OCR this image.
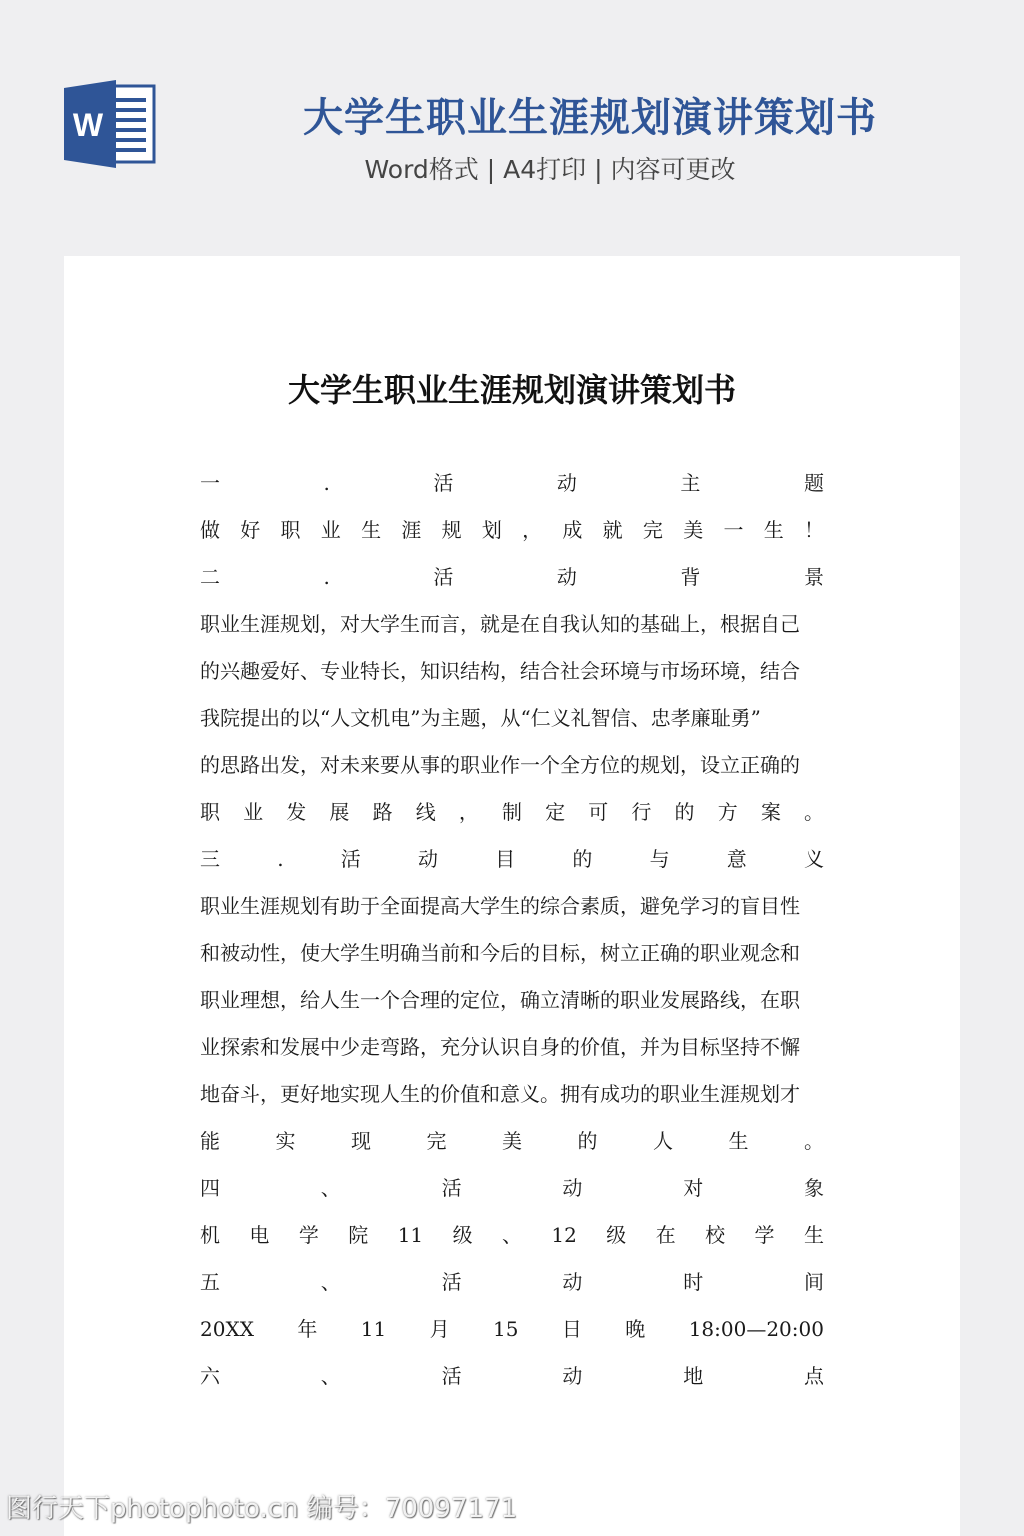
W	大学生职业生涯规划演讲策划书
Word格式 | A4打印 | 内容可更改
大学生职业生涯规划演讲策划书
一	.	活	动	主	题
做 好 职 业 生 涯 规 划 ， 成 就 完 美 一 生 ！
二	.	活	动	背	景
职业生涯规划，对大学生而言，就是在自我认知的基础上，根据自己
的兴趣爱好、专业特长，知识结构，结合社会环境与市场环境，结合
我院提出的以“人文机电”为主题，从“仁义礼智信、忠孝廉耻勇”
的思路出发，对未来要从事的职业作一个全方位的规划，设立正确的
职 业 发 展 路 线 ， 制 定 可 行 的 方 案 。
三	.	活	动	目	的	与	意	义
职业生涯规划有助于全面提高大学生的综合素质，避免学习的盲目性
和被动性，使大学生明确当前和今后的目标，树立正确的职业观念和
职业理想，给人生一个合理的定位，确立清晰的职业发展路线，在职
业探索和发展中少走弯路，充分认识自身的价值，并为目标坚持不懈
地奋斗，更好地实现人生的价值和意义。拥有成功的职业生涯规划才
能	实	现	完	美	的	人	生	。
四	、	活	动	对	象
机 电 学 院 11 级 、 12 级 在 校 学 生
五	、	活	动	时	间
20XX 年 11 月 15 日 晚 18:00—20:00
六	、	活	动	地	点
图行天下photophoto.cn 编号：70097171
